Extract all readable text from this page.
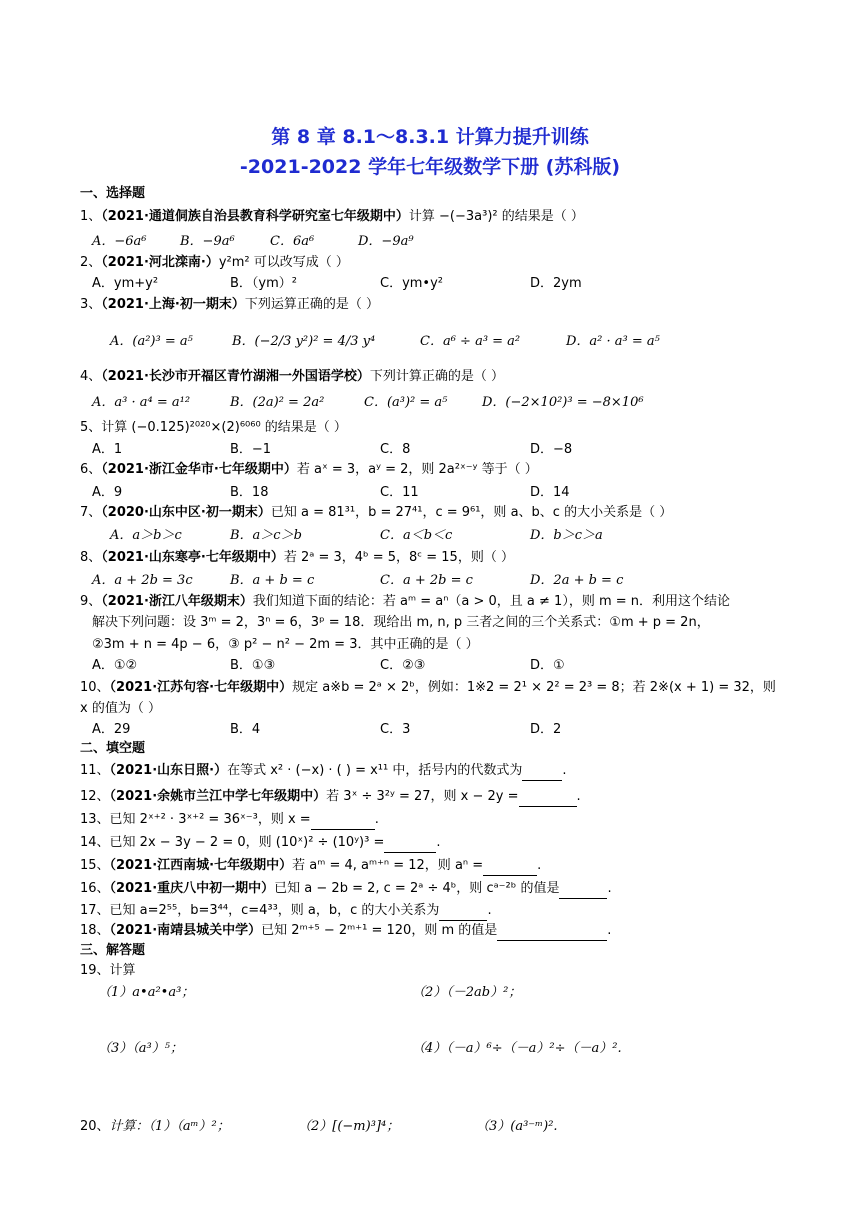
第 8 章 8.1～8.3.1 计算力提升训练
-2021-2022 学年七年级数学下册 (苏科版)
一、选择题
1、（2021·通道侗族自治县教育科学研究室七年级期中）计算 −(−3a³)² 的结果是（ ）
A．−6a⁶	B．−9a⁶	C．6a⁶	D．−9a⁹
2、（2021·河北滦南·）y²m² 可以改写成（ ）
A．ym+y²	B．（ym）²	C．ym•y²	D．2ym
3、（2021·上海·初一期末）下列运算正确的是（ ）
A．(a²)³ = a⁵	B．(−2/3 y²)² = 4/3 y⁴	C．a⁶ ÷ a³ = a²	D．a² · a³ = a⁵
4、（2021·长沙市开福区青竹湖湘一外国语学校）下列计算正确的是（ ）
A．a³ · a⁴ = a¹²	B．(2a)² = 2a²	C．(a³)² = a⁵	D．(−2×10²)³ = −8×10⁶
5、计算 (−0.125)²⁰²⁰×(2)⁶⁰⁶⁰ 的结果是（ ）
A．1	B．−1	C．8	D．−8
6、（2021·浙江金华市·七年级期中）若 aˣ = 3，aʸ = 2，则 2a²ˣ⁻ʸ 等于（ ）
A．9	B．18	C．11	D．14
7、（2020·山东中区·初一期末）已知 a = 81³¹，b = 27⁴¹，c = 9⁶¹，则 a、b、c 的大小关系是（ ）
A．a＞b＞c	B．a＞c＞b	C．a＜b＜c	D．b＞c＞a
8、（2021·山东寒亭·七年级期中）若 2ᵃ = 3，4ᵇ = 5，8ᶜ = 15，则（ ）
A．a + 2b = 3c	B．a + b = c	C．a + 2b = c	D．2a + b = c
9、（2021·浙江八年级期末）我们知道下面的结论：若 aᵐ = aⁿ（a > 0，且 a ≠ 1），则 m = n．利用这个结论
解决下列问题：设 3ᵐ = 2，3ⁿ = 6，3ᵖ = 18．现给出 m, n, p 三者之间的三个关系式：①m + p = 2n，
②3m + n = 4p − 6，③ p² − n² − 2m = 3．其中正确的是（ ）
A．①②	B．①③	C．②③	D．①
10、（2021·江苏句容·七年级期中）规定 a※b = 2ᵃ × 2ᵇ，例如：1※2 = 2¹ × 2² = 2³ = 8；若 2※(x + 1) = 32，则
x 的值为（ ）
A．29	B．4	C．3	D．2
二、填空题
11、（2021·山东日照·）在等式 x² · (−x) · ( ) = x¹¹ 中，括号内的代数式为	.
12、（2021·余姚市兰江中学七年级期中）若 3ˣ ÷ 3²ʸ = 27，则 x − 2y =	.
13、已知 2ˣ⁺² · 3ˣ⁺² = 36ˣ⁻³，则 x =	.
14、已知 2x − 3y − 2 = 0，则 (10ˣ)² ÷ (10ʸ)³ =	.
15、（2021·江西南城·七年级期中）若 aᵐ = 4, aᵐ⁺ⁿ = 12，则 aⁿ =	.
16、（2021·重庆八中初一期中）已知 a − 2b = 2, c = 2ᵃ ÷ 4ᵇ，则 cᵃ⁻²ᵇ 的值是	.
17、已知 a=2⁵⁵，b=3⁴⁴，c=4³³，则 a，b，c 的大小关系为	.
18、（2021·南靖县城关中学）已知 2ᵐ⁺⁵ − 2ᵐ⁺¹ = 120，则 m 的值是	.
三、解答题
19、计算
（1）a•a²•a³；	（2）（－2ab）²；
（3）（a³）⁵；	（4）（－a）⁶÷（－a）²÷（－a）².
20、计算：（1）（aᵐ）²；	（2）[(−m)³]⁴；	（3）(a³⁻ᵐ)².
